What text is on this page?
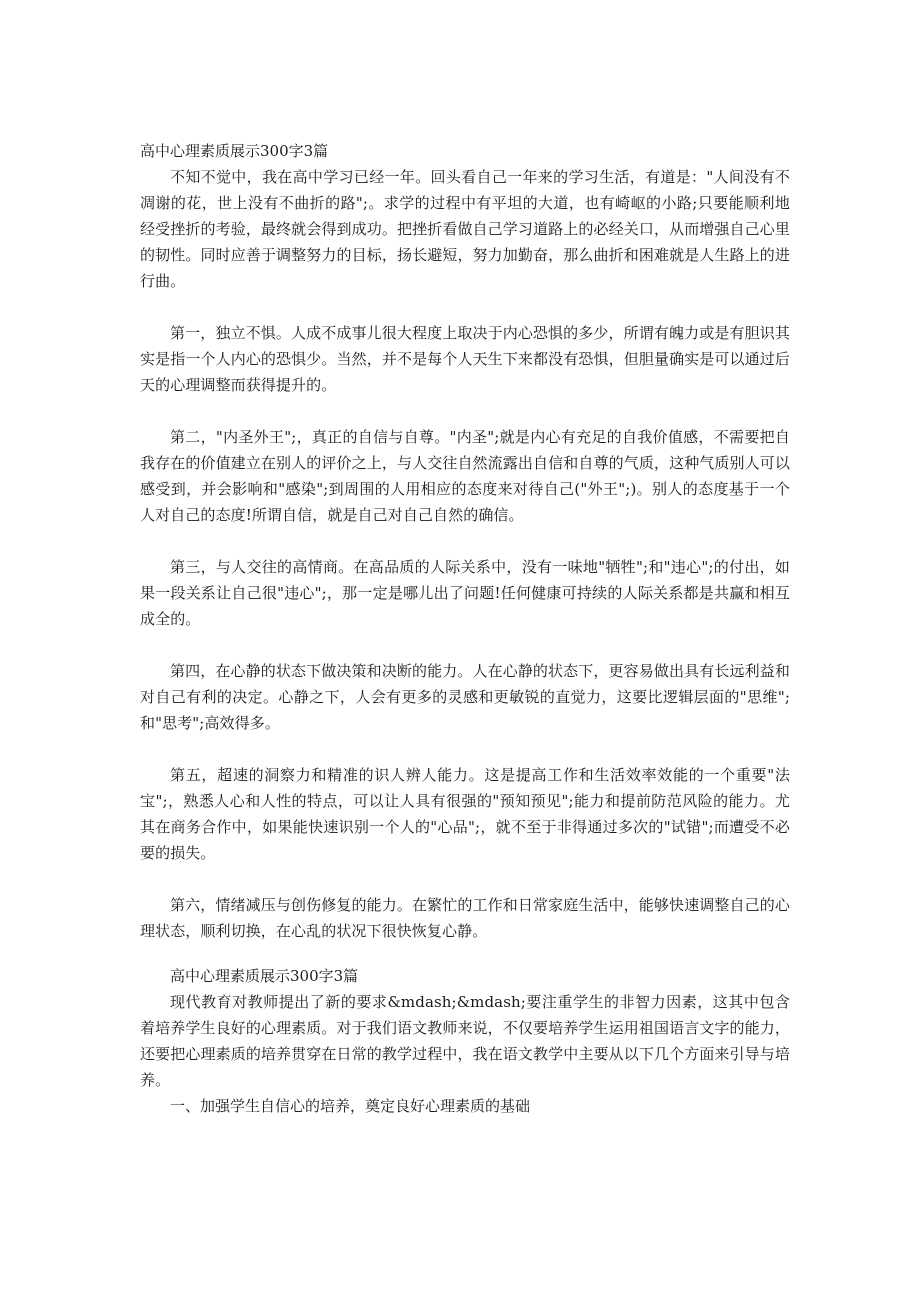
高中心理素质展示300字3篇

不知不觉中，我在高中学习已经一年。回头看自己一年来的学习生活，有道是："人间没有不凋谢的花，世上没有不曲折的路";。求学的过程中有平坦的大道，也有崎岖的小路;只要能顺利地经受挫折的考验，最终就会得到成功。把挫折看做自己学习道路上的必经关口，从而增强自己心里的韧性。同时应善于调整努力的目标，扬长避短，努力加勤奋，那么曲折和困难就是人生路上的进行曲。

第一，独立不惧。人成不成事儿很大程度上取决于内心恐惧的多少，所谓有魄力或是有胆识其实是指一个人内心的恐惧少。当然，并不是每个人天生下来都没有恐惧，但胆量确实是可以通过后天的心理调整而获得提升的。

第二，"内圣外王";，真正的自信与自尊。"内圣";就是内心有充足的自我价值感，不需要把自我存在的价值建立在别人的评价之上，与人交往自然流露出自信和自尊的气质，这种气质别人可以感受到，并会影响和"感染";到周围的人用相应的态度来对待自己("外王";)。别人的态度基于一个人对自己的态度!所谓自信，就是自己对自己自然的确信。

第三，与人交往的高情商。在高品质的人际关系中，没有一味地"牺牲";和"违心";的付出，如果一段关系让自己很"违心";，那一定是哪儿出了问题!任何健康可持续的人际关系都是共赢和相互成全的。

第四，在心静的状态下做决策和决断的能力。人在心静的状态下，更容易做出具有长远利益和对自己有利的决定。心静之下，人会有更多的灵感和更敏锐的直觉力，这要比逻辑层面的"思维";和"思考";高效得多。

第五，超速的洞察力和精准的识人辨人能力。这是提高工作和生活效率效能的一个重要"法宝";，熟悉人心和人性的特点，可以让人具有很强的"预知预见";能力和提前防范风险的能力。尤其在商务合作中，如果能快速识别一个人的"心品";，就不至于非得通过多次的"试错";而遭受不必要的损失。

第六，情绪减压与创伤修复的能力。在繁忙的工作和日常家庭生活中，能够快速调整自己的心理状态，顺利切换，在心乱的状况下很快恢复心静。

高中心理素质展示300字3篇

现代教育对教师提出了新的要求&mdash;&mdash;要注重学生的非智力因素，这其中包含着培养学生良好的心理素质。对于我们语文教师来说，不仅要培养学生运用祖国语言文字的能力，还要把心理素质的培养贯穿在日常的教学过程中，我在语文教学中主要从以下几个方面来引导与培养。

一、加强学生自信心的培养，奠定良好心理素质的基础
